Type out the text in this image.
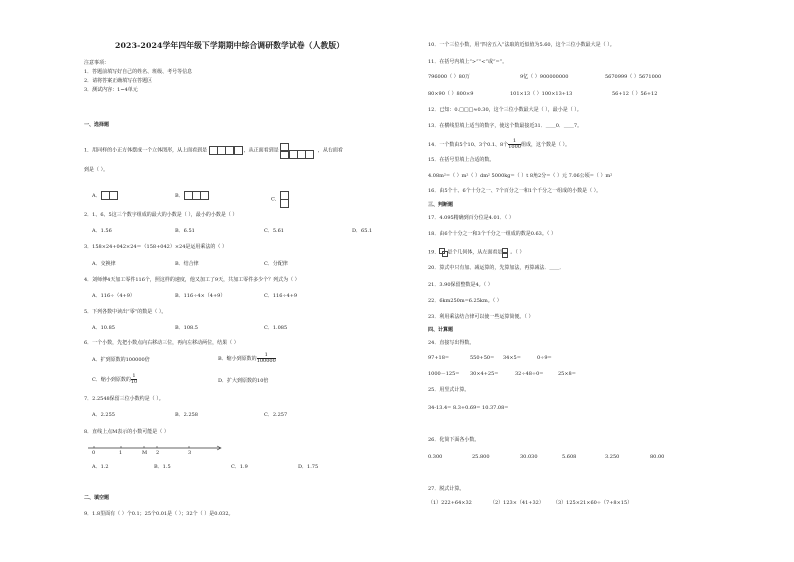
2023-2024学年四年级下学期期中综合调研数学试卷（人教版）
注意事项：
1．答题前填写好自己的姓名、班级、考号等信息
2．请将答案正确填写在答题区
3．测试内容：1~4单元
一、选择题
1．用同样的小正方体摆成一个立体图形，从上面看到是	，从正面看到是	，从右面看
到是（ ）。
A．	B．
C．
2．1、6、5这三个数字组成的最大的小数是（ ），最小的小数是（ ）
A．1.56	B．6.51	C．5.61	D．65.1
3．158×24+042×24＝（158+042）×24是运用乘法的（ ）
A．交换律	B．结合律	C．分配律
4．刘师傅4天加工零件116个，照这样的速度，他又加工了9天，共加工零件多少个？列式为（ ）
A．116÷（4+9）	B．116÷4×（4+9）	C．116÷4+9
5．下列各数中读出“零”的数是（ ）。
A．10.85	B．108.5	C．1.085
6．一个小数，先把小数点向右移动三位，再向左移动两位，结果（ ）
A．扩到原数的100000倍	B．缩小到原数的 $\frac{1}{100000}$
C．缩小到原数的 $\frac{1}{10}$	D．扩大到原数的10倍
7．2.2548保留三位小数约是（ ）。
A．2.255	B．2.258	C．2.257
8．直线上点M表示的小数可能是（ ）
0	1	M 2	3
A．1.2	B．1.5	C．1.9	D．1.75
二、填空题
9．1.8里面有（ ）个0.1；25个0.01是（ ）；32个（ ）是0.032。
10．一个三位小数，用“四舍五入”法取的近似值为5.60，这个三位小数最大是（ ）。
11．在括号内填上“>”“<”或“=”。
796000（ ）80万	9亿（ ）900000000	5670999（ ）5671000
80×90（ ）800×9	101×13（ ）100×13+13	56+12（ ）56+12
12．已知：0.□□□≈0.30，这个三位小数最大是（ ），最小是（ ）。
13．在横线里填上适当的数字，使这个数最接近31．＿＿0．＿＿7。
14．一个数由5个10、3个0.1、8个 $\frac{1}{1000}$ 组成，这个数是（ ）。
15．在括号里填上合适的数。
4.08m²=（ ）m²（ ）dm² 5000kg=（ ）t 8角2分=（ ）元 7.06公顷=（ ）m²
16．由5个十、6个十分之一、7个百分之一和1个千分之一组成的小数是（ ）。
三、判断题
17．4.095精确到百分位是4.01．（ ）
18．由6个十分之一和3个千分之一组成的数是0.63。（ ）
19． 是个几何体，从左面看是 。（ ）
20．算式中只有加、减运算的，先算加法，再算减法．＿＿．
21．3.90保留整数是4。（ ）
22．6km250m=6.25km。（ ）
23．利用乘法结合律可以使一些运算简便。（ ）
四、计算题
24．直接写出得数。
97+18=	550+50= 34×5=	0÷9=
1000－125= 30×4+25=	32÷48÷0=	25×8=
25．用竖式计算。
34-13.4= 8.3+0.69= 10.37.08=
26．化简下面各小数。
0.300	25.800	30.030	5.608	3.250	80.00
27．脱式计算。
（1）222+64×32	（2）123×（41+32） （3）125×21×60÷（7+8×15）
